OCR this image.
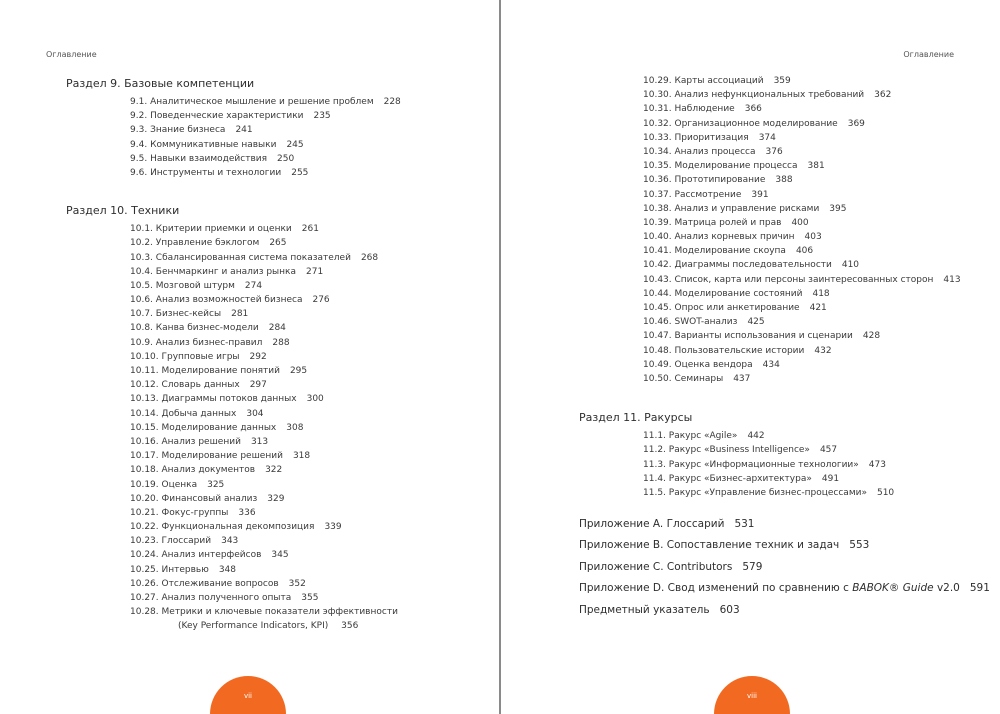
Оглавление
Раздел 9. Базовые компетенции
9.1. Аналитическое мышление и решение проблем 228
9.2. Поведенческие характеристики 235
9.3. Знание бизнеса 241
9.4. Коммуникативные навыки 245
9.5. Навыки взаимодействия 250
9.6. Инструменты и технологии 255
Раздел 10. Техники
10.1. Критерии приемки и оценки 261
10.2. Управление бэклогом 265
10.3. Сбалансированная система показателей 268
10.4. Бенчмаркинг и анализ рынка 271
10.5. Мозговой штурм 274
10.6. Анализ возможностей бизнеса 276
10.7. Бизнес-кейсы 281
10.8. Канва бизнес-модели 284
10.9. Анализ бизнес-правил 288
10.10. Групповые игры 292
10.11. Моделирование понятий 295
10.12. Словарь данных 297
10.13. Диаграммы потоков данных 300
10.14. Добыча данных 304
10.15. Моделирование данных 308
10.16. Анализ решений 313
10.17. Моделирование решений 318
10.18. Анализ документов 322
10.19. Оценка 325
10.20. Финансовый анализ 329
10.21. Фокус-группы 336
10.22. Функциональная декомпозиция 339
10.23. Глоссарий 343
10.24. Анализ интерфейсов 345
10.25. Интервью 348
10.26. Отслеживание вопросов 352
10.27. Анализ полученного опыта 355
10.28. Метрики и ключевые показатели эффективности
(Key Performance Indicators, KPI) 356
vii
Оглавление
10.29. Карты ассоциаций 359
10.30. Анализ нефункциональных требований 362
10.31. Наблюдение 366
10.32. Организационное моделирование 369
10.33. Приоритизация 374
10.34. Анализ процесса 376
10.35. Моделирование процесса 381
10.36. Прототипирование 388
10.37. Рассмотрение 391
10.38. Анализ и управление рисками 395
10.39. Матрица ролей и прав 400
10.40. Анализ корневых причин 403
10.41. Моделирование скоупа 406
10.42. Диаграммы последовательности 410
10.43. Список, карта или персоны заинтересованных сторон 413
10.44. Моделирование состояний 418
10.45. Опрос или анкетирование 421
10.46. SWOT-анализ 425
10.47. Варианты использования и сценарии 428
10.48. Пользовательские истории 432
10.49. Оценка вендора 434
10.50. Семинары 437
Раздел 11. Ракурсы
11.1. Ракурс «Agile» 442
11.2. Ракурс «Business Intelligence» 457
11.3. Ракурс «Информационные технологии» 473
11.4. Ракурс «Бизнес-архитектура» 491
11.5. Ракурс «Управление бизнес-процессами» 510
Приложение A. Глоссарий 531
Приложение B. Сопоставление техник и задач 553
Приложение C. Contributors 579
Приложение D. Свод изменений по сравнению с BABOK® Guide v2.0 591
Предметный указатель 603
viii
